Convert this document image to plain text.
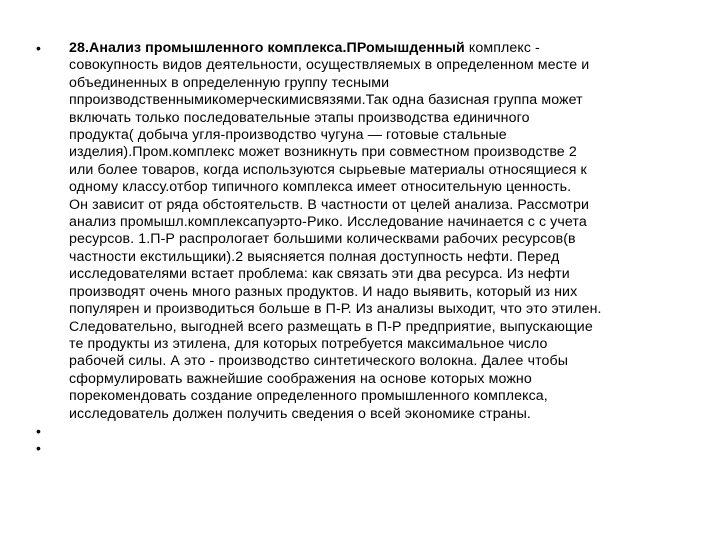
•	28.Анализ промышленного комплекса.ПРомышденный комплекс -
совокупность видов деятельности, осуществляемых в определенном месте и
объединенных в определенную группу тесными
ппроизводственнымикомерческимисвязями.Так одна базисная группа может
включать только последовательные этапы производства единичного
продукта( добыча угля-производство чугуна — готовые стальные
изделия).Пром.комплекс может возникнуть при совместном производстве 2
или более товаров, когда используются сырьевые материалы относящиеся к
одному классу.отбор типичного комплекса имеет относительную ценность.
Он зависит от ряда обстоятельств. В частности от целей анализа. Рассмотри
анализ промышл.комплексапуэрто-Рико. Исследование начинается с с учета
ресурсов. 1.П-Р распрологает большими колическвами рабочих ресурсов(в
частности екстильщики).2 выясняется полная доступность нефти. Перед
исследователями встает проблема: как связать эти два ресурса. Из нефти
производят очень много разных продуктов. И надо выявить, который из них
популярен и производиться больше в П-Р. Из анализы выходит, что это этилен.
Следовательно, выгодней всего размещать в П-Р предприятие, выпускающие
те продукты из этилена, для которых потребуется максимальное число
рабочей силы. А это - производство синтетического волокна. Далее чтобы
сформулировать важнейшие соображения на основе которых можно
порекомендовать создание определенного промышленного комплекса,
исследователь должен получить сведения о всей экономике страны.
•
•
